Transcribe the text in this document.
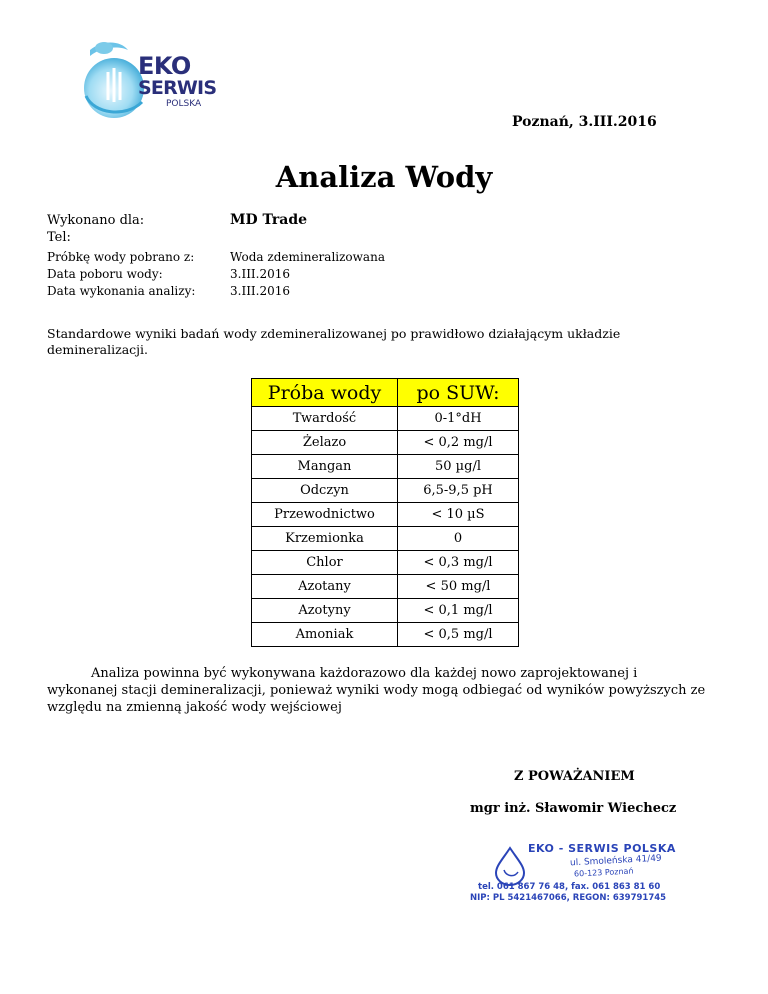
EKO
SERWIS
POLSKA
Poznań, 3.III.2016
Analiza Wody
Wykonano dla:	MD Trade
Tel:
Próbkę wody pobrano z:	Woda zdemineralizowana
Data poboru wody:	3.III.2016
Data wykonania analizy:	3.III.2016
Standardowe wyniki badań wody zdemineralizowanej po prawidłowo działającym układzie demineralizacji.
Próba wody	po SUW:
Twardość	0-1°dH
Żelazo	< 0,2 mg/l
Mangan	50 µg/l
Odczyn	6,5-9,5 pH
Przewodnictwo	< 10 µS
Krzemionka	0
Chlor	< 0,3 mg/l
Azotany	< 50 mg/l
Azotyny	< 0,1 mg/l
Amoniak	< 0,5 mg/l
Analiza powinna być wykonywana każdorazowo dla każdej nowo zaprojektowanej i wykonanej stacji demineralizacji, ponieważ wyniki wody mogą odbiegać od wyników powyższych ze względu na zmienną jakość wody wejściowej
Z POWAŻANIEM
mgr inż. Sławomir Wiechecz
EKO - SERWIS POLSKA
ul. Smoleńska 41/49
60-123 Poznań
tel. 061 867 76 48, fax. 061 863 81 60
NIP: PL 5421467066, REGON: 639791745
